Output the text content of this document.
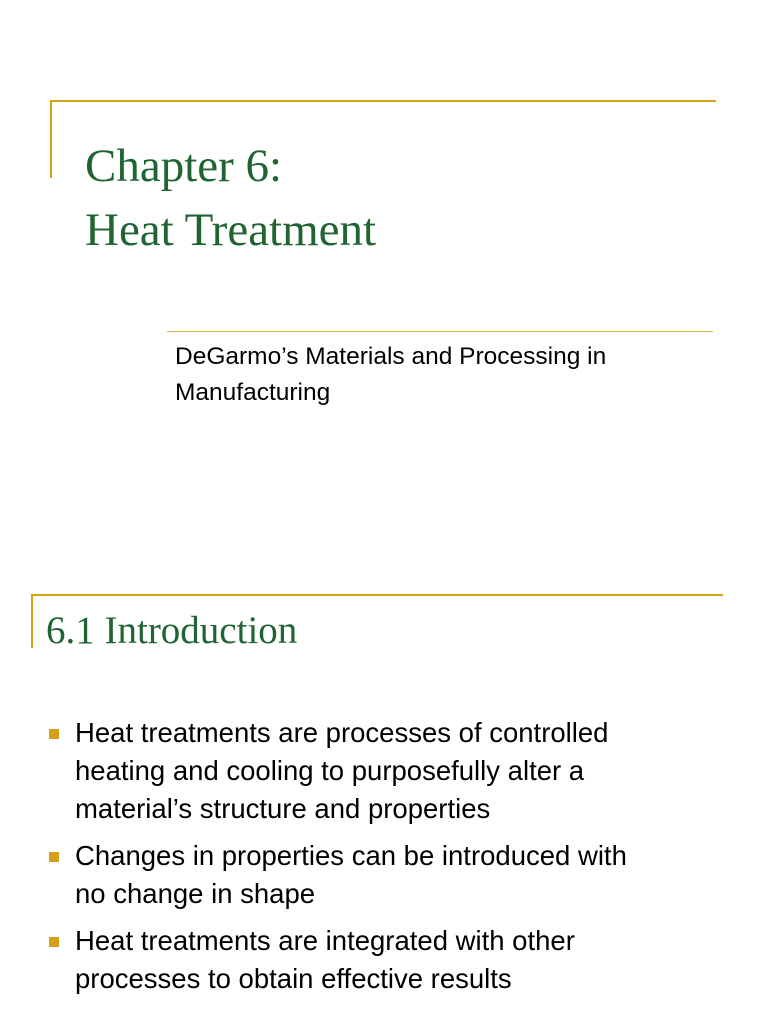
Chapter 6:
Heat Treatment

DeGarmo’s Materials and Processing in
Manufacturing

6.1 Introduction
Heat treatments are processes of controlled
heating and cooling to purposefully alter a
material’s structure and properties
Changes in properties can be introduced with
no change in shape
Heat treatments are integrated with other
processes to obtain effective results
